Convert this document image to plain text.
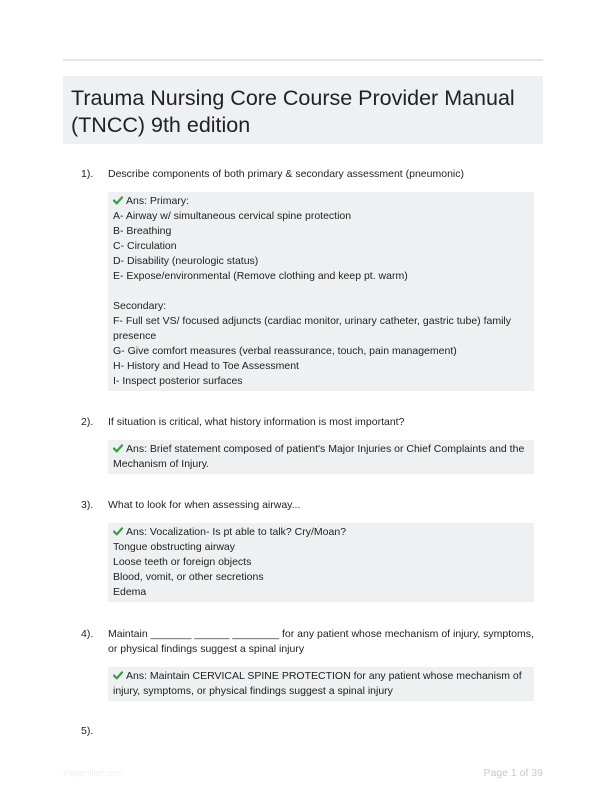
Trauma Nursing Core Course Provider Manual (TNCC) 9th edition
1). Describe components of both primary & secondary assessment (pneumonic)
Ans: Primary:
A- Airway w/ simultaneous cervical spine protection
B- Breathing
C- Circulation
D- Disability (neurologic status)
E- Expose/environmental (Remove clothing and keep pt. warm)
Secondary:
F- Full set VS/ focused adjuncts (cardiac monitor, urinary catheter, gastric tube) family presence
G- Give comfort measures (verbal reassurance, touch, pain management)
H- History and Head to Toe Assessment
I- Inspect posterior surfaces
2). If situation is critical, what history information is most important?
Ans: Brief statement composed of patient's Major Injuries or Chief Complaints and the Mechanism of Injury.
3). What to look for when assessing airway...
Ans: Vocalization- Is pt able to talk? Cry/Moan?
Tongue obstructing airway
Loose teeth or foreign objects
Blood, vomit, or other secretions
Edema
4). Maintain _______ ______ ________ for any patient whose mechanism of injury, symptoms, or physical findings suggest a spinal injury
Ans: Maintain CERVICAL SPINE PROTECTION for any patient whose mechanism of injury, symptoms, or physical findings suggest a spinal injury
5).
Paperfilter.com	Page 1 of 39
